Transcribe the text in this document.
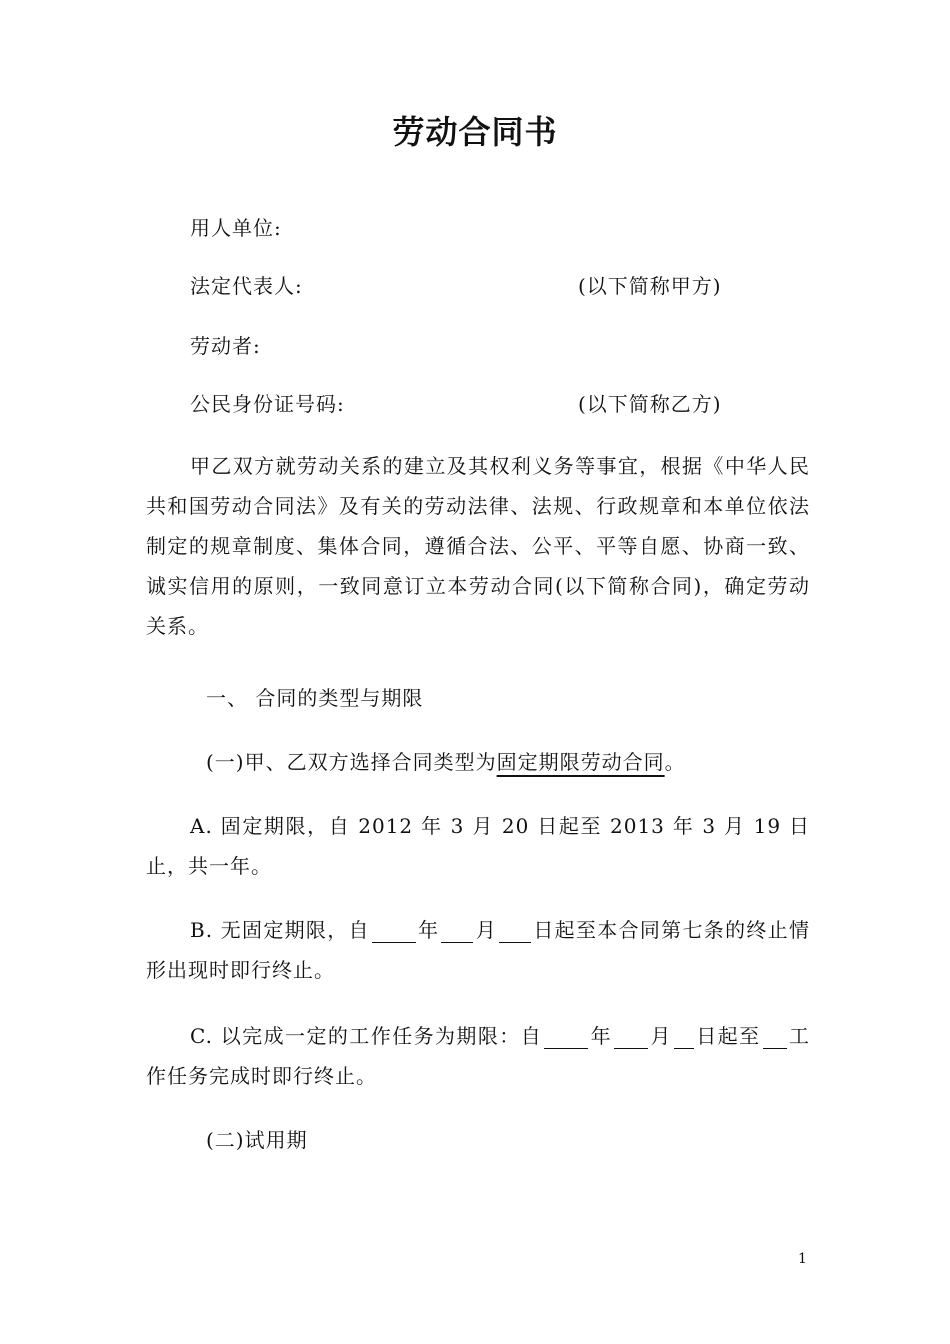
劳动合同书
用人单位:
法定代表人:	(以下简称甲方)
劳动者:
公民身份证号码:	(以下简称乙方)
甲乙双方就劳动关系的建立及其权利义务等事宜，根据《中华人民共和国劳动合同法》及有关的劳动法律、法规、行政规章和本单位依法制定的规章制度、集体合同，遵循合法、公平、平等自愿、协商一致、诚实信用的原则，一致同意订立本劳动合同(以下简称合同)，确定劳动关系。
一、 合同的类型与期限
(一)甲、乙双方选择合同类型为固定期限劳动合同。
A. 固定期限，自 2012 年 3 月 20 日起至 2013 年 3 月 19 日止，共一年。
B. 无固定期限，自 年 月 日起至本合同第七条的终止情形出现时即行终止。
C. 以完成一定的工作任务为期限：自 年 月 日起至 工作任务完成时即行终止。
(二)试用期
1
